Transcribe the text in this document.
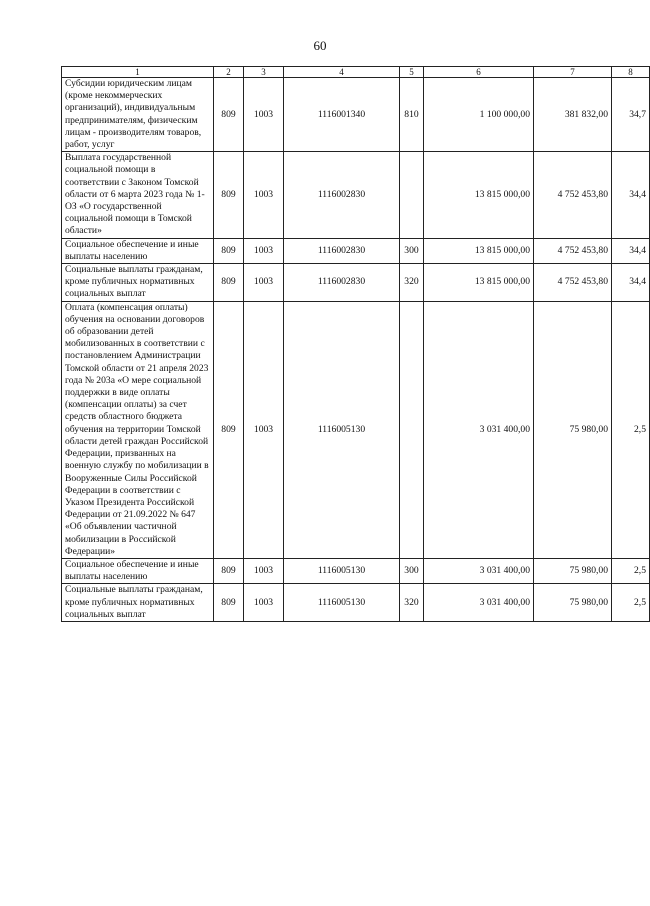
60
1	2	3	4	5	6	7	8
Субсидии юридическим лицам (кроме некоммерческих организаций), индивидуальным предпринимателям, физическим лицам - производителям товаров, работ, услуг	809	1003	1116001340	810	1 100 000,00	381 832,00	34,7
Выплата государственной социальной помощи в соответствии с Законом Томской области от 6 марта 2023 года № 1-ОЗ «О государственной социальной помощи в Томской области»	809	1003	1116002830		13 815 000,00	4 752 453,80	34,4
Социальное обеспечение и иные выплаты населению	809	1003	1116002830	300	13 815 000,00	4 752 453,80	34,4
Социальные выплаты гражданам, кроме публичных нормативных социальных выплат	809	1003	1116002830	320	13 815 000,00	4 752 453,80	34,4
Оплата (компенсация оплаты) обучения на основании договоров об образовании детей мобилизованных в соответствии с постановлением Администрации Томской области от 21 апреля 2023 года № 203а «О мере социальной поддержки в виде оплаты (компенсации оплаты) за счет средств областного бюджета обучения на территории Томской области детей граждан Российской Федерации, призванных на военную службу по мобилизации в Вооруженные Силы Российской Федерации в соответствии с Указом Президента Российской Федерации от 21.09.2022 № 647 «Об объявлении частичной мобилизации в Российской Федерации»	809	1003	1116005130		3 031 400,00	75 980,00	2,5
Социальное обеспечение и иные выплаты населению	809	1003	1116005130	300	3 031 400,00	75 980,00	2,5
Социальные выплаты гражданам, кроме публичных нормативных социальных выплат	809	1003	1116005130	320	3 031 400,00	75 980,00	2,5
